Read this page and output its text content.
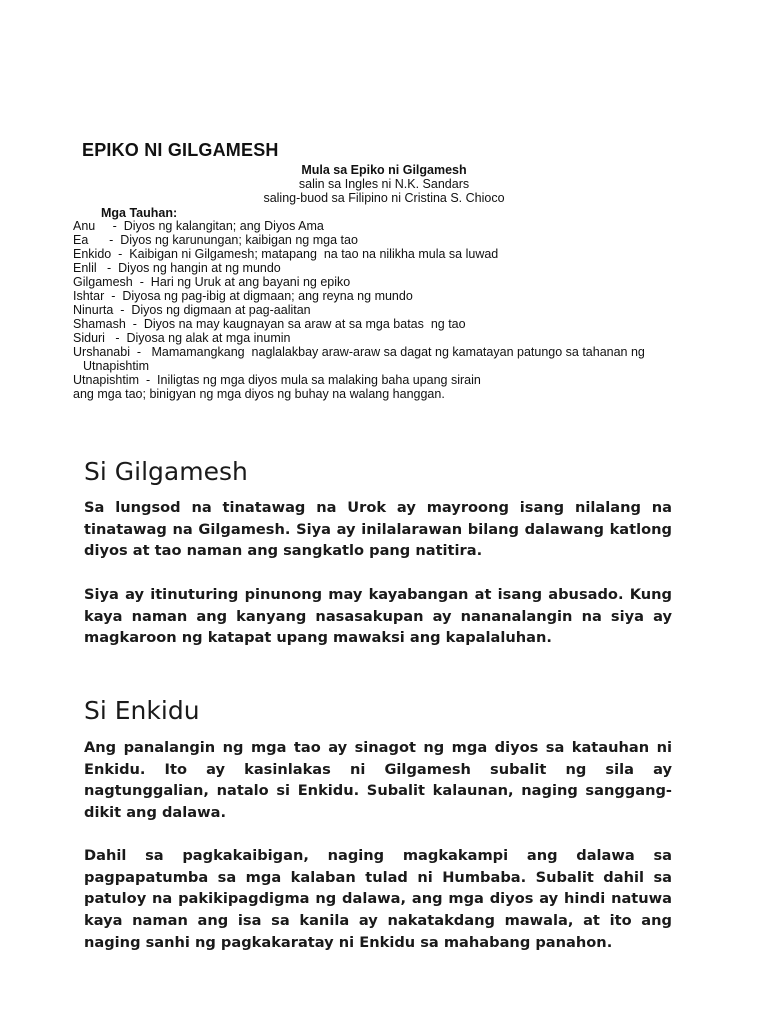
EPIKO NI GILGAMESH
Mula sa Epiko ni Gilgamesh
salin sa Ingles ni N.K. Sandars
saling-buod sa Filipino ni Cristina S. Chioco
Mga Tauhan:
Anu     -  Diyos ng kalangitan; ang Diyos Ama
Ea      -  Diyos ng karunungan; kaibigan ng mga tao
Enkido  -  Kaibigan ni Gilgamesh; matapang  na tao na nilikha mula sa luwad
Enlil   -  Diyos ng hangin at ng mundo
Gilgamesh  -  Hari ng Uruk at ang bayani ng epiko
Ishtar  -  Diyosa ng pag-ibig at digmaan; ang reyna ng mundo
Ninurta  -  Diyos ng digmaan at pag-aalitan
Shamash  -  Diyos na may kaugnayan sa araw at sa mga batas  ng tao
Siduri   -  Diyosa ng alak at mga inumin
Urshanabi  -   Mamamangkang  naglalakbay araw-araw sa dagat ng kamatayan patungo sa tahanan ng
Utnapishtim
Utnapishtim  -  Iniligtas ng mga diyos mula sa malaking baha upang sirain
ang mga tao; binigyan ng mga diyos ng buhay na walang hanggan.
Si Gilgamesh
Sa lungsod na tinatawag na Urok ay mayroong isang nilalang na tinatawag na Gilgamesh. Siya ay inilalarawan bilang dalawang katlong diyos at tao naman ang sangkatlo pang natitira.
Siya ay itinuturing pinunong may kayabangan at isang abusado. Kung kaya naman ang kanyang nasasakupan ay nananalangin na siya ay magkaroon ng katapat upang mawaksi ang kapalaluhan.
Si Enkidu
Ang panalangin ng mga tao ay sinagot ng mga diyos sa katauhan ni Enkidu. Ito ay kasinlakas ni Gilgamesh subalit ng sila ay nagtunggalian, natalo si Enkidu. Subalit kalaunan, naging sanggang-dikit ang dalawa.
Dahil sa pagkakaibigan, naging magkakampi ang dalawa sa pagpapatumba sa mga kalaban tulad ni Humbaba. Subalit dahil sa patuloy na pakikipagdigma ng dalawa, ang mga diyos ay hindi natuwa kaya naman ang isa sa kanila ay nakatakdang mawala, at ito ang naging sanhi ng pagkakaratay ni Enkidu sa mahabang panahon.
